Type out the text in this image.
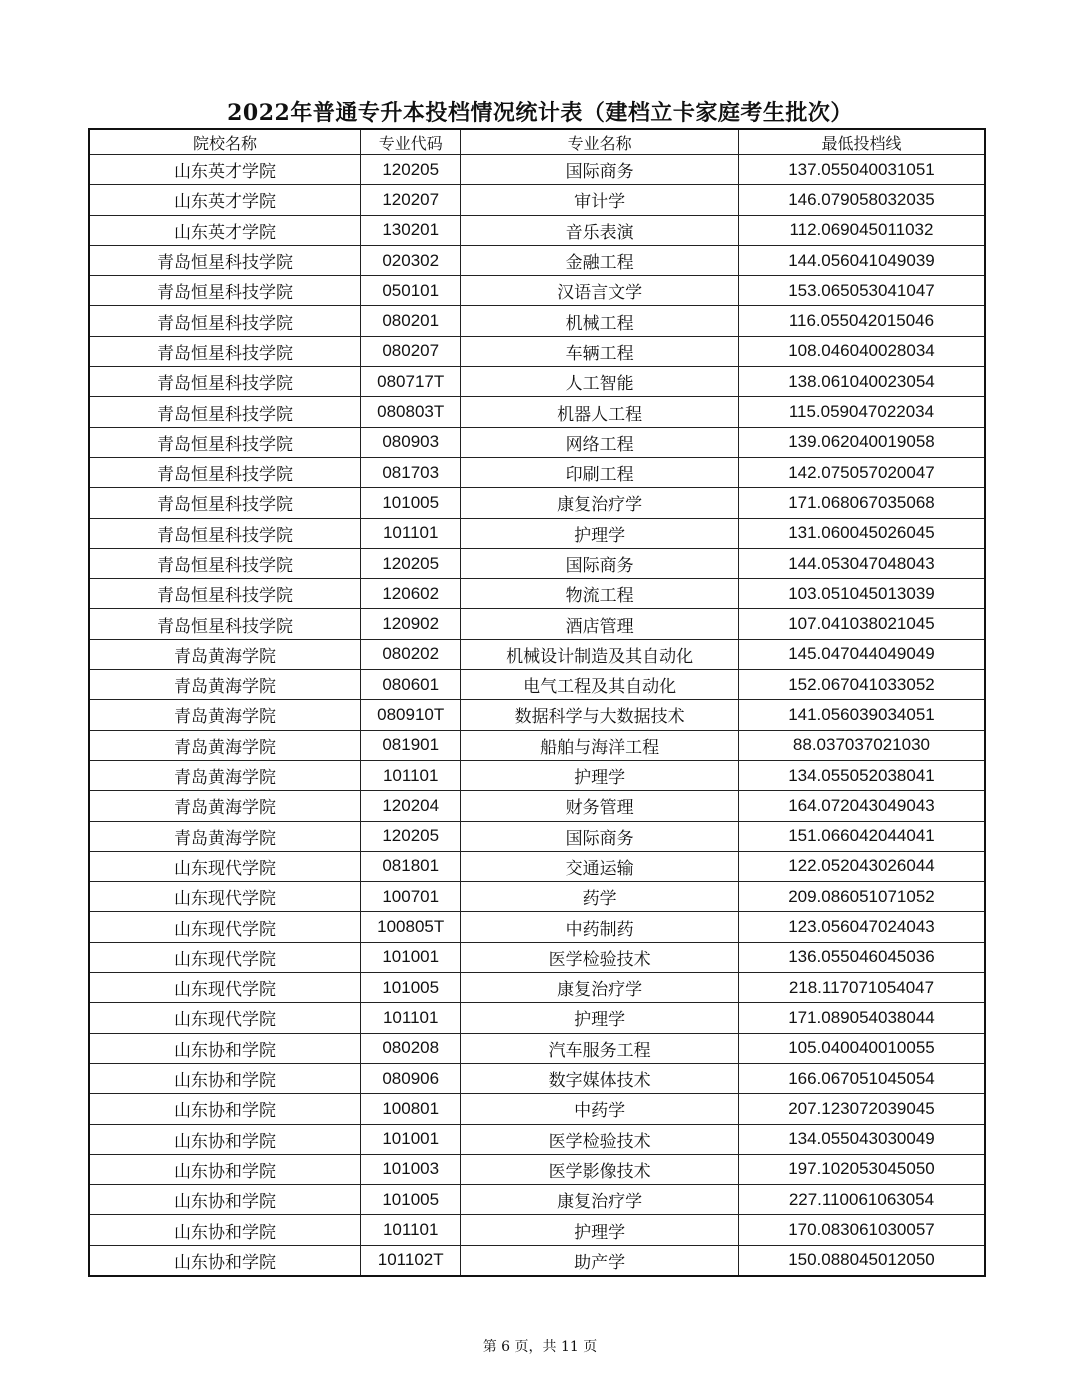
2022年普通专升本投档情况统计表（建档立卡家庭考生批次）
院校名称	专业代码	专业名称	最低投档线
山东英才学院	120205	国际商务	137.055040031051
山东英才学院	120207	审计学	146.079058032035
山东英才学院	130201	音乐表演	112.069045011032
青岛恒星科技学院	020302	金融工程	144.056041049039
青岛恒星科技学院	050101	汉语言文学	153.065053041047
青岛恒星科技学院	080201	机械工程	116.055042015046
青岛恒星科技学院	080207	车辆工程	108.046040028034
青岛恒星科技学院	080717T	人工智能	138.061040023054
青岛恒星科技学院	080803T	机器人工程	115.059047022034
青岛恒星科技学院	080903	网络工程	139.062040019058
青岛恒星科技学院	081703	印刷工程	142.075057020047
青岛恒星科技学院	101005	康复治疗学	171.068067035068
青岛恒星科技学院	101101	护理学	131.060045026045
青岛恒星科技学院	120205	国际商务	144.053047048043
青岛恒星科技学院	120602	物流工程	103.051045013039
青岛恒星科技学院	120902	酒店管理	107.041038021045
青岛黄海学院	080202	机械设计制造及其自动化	145.047044049049
青岛黄海学院	080601	电气工程及其自动化	152.067041033052
青岛黄海学院	080910T	数据科学与大数据技术	141.056039034051
青岛黄海学院	081901	船舶与海洋工程	88.037037021030
青岛黄海学院	101101	护理学	134.055052038041
青岛黄海学院	120204	财务管理	164.072043049043
青岛黄海学院	120205	国际商务	151.066042044041
山东现代学院	081801	交通运输	122.052043026044
山东现代学院	100701	药学	209.086051071052
山东现代学院	100805T	中药制药	123.056047024043
山东现代学院	101001	医学检验技术	136.055046045036
山东现代学院	101005	康复治疗学	218.117071054047
山东现代学院	101101	护理学	171.089054038044
山东协和学院	080208	汽车服务工程	105.040040010055
山东协和学院	080906	数字媒体技术	166.067051045054
山东协和学院	100801	中药学	207.123072039045
山东协和学院	101001	医学检验技术	134.055043030049
山东协和学院	101003	医学影像技术	197.102053045050
山东协和学院	101005	康复治疗学	227.110061063054
山东协和学院	101101	护理学	170.083061030057
山东协和学院	101102T	助产学	150.088045012050
第 6 页，共 11 页
